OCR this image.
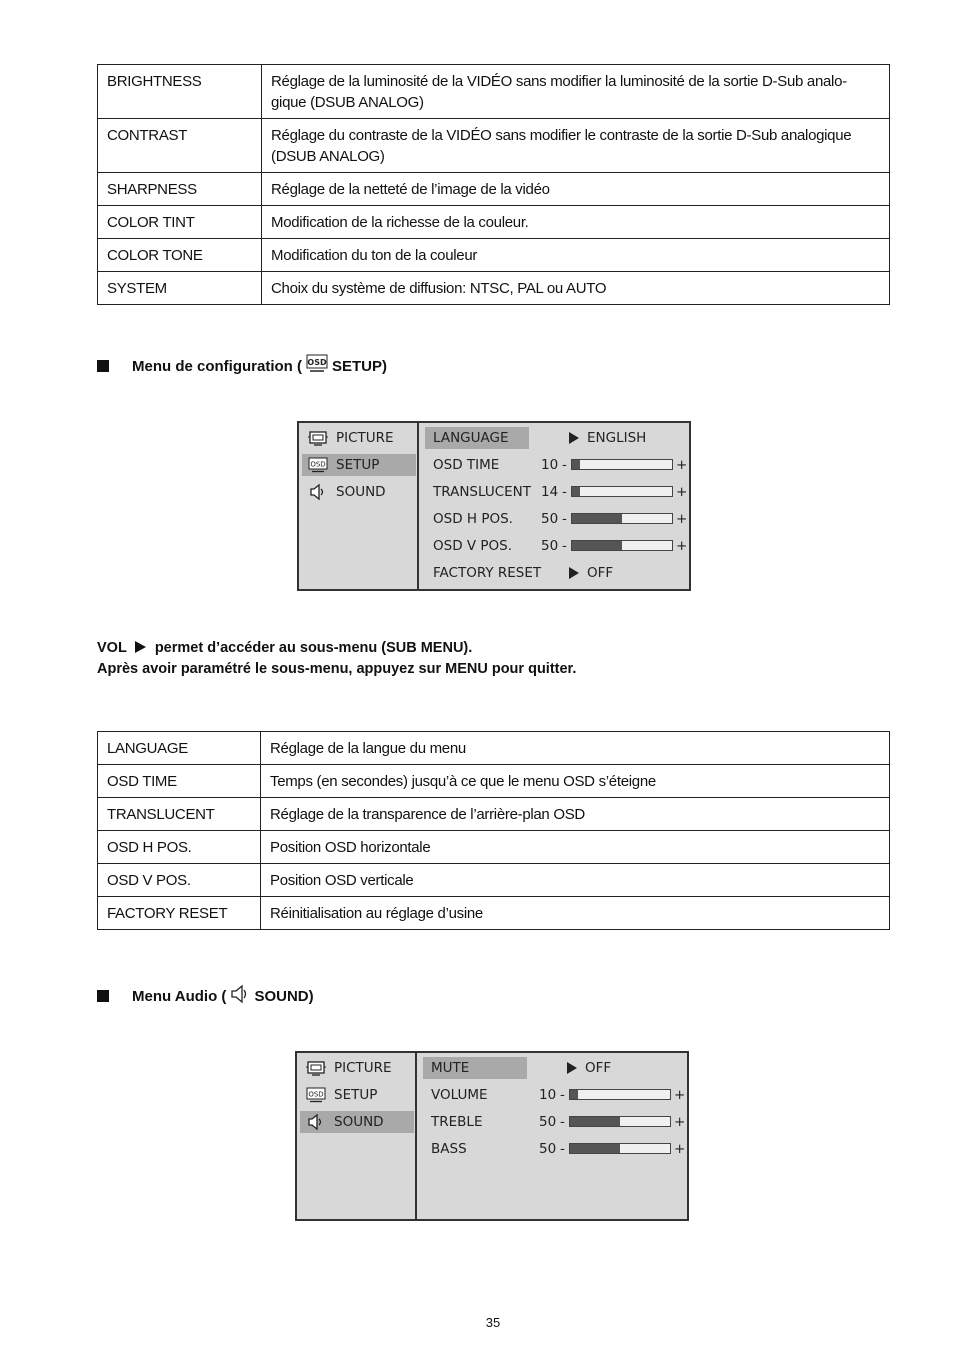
BRIGHTNESS	Réglage de la luminosité de la VIDÉO sans modifier la luminosité de la sortie D-Sub analo-gique (DSUB ANALOG)
CONTRAST	Réglage du contraste de la VIDÉO sans modifier le contraste de la sortie D-Sub analogique (DSUB ANALOG)
SHARPNESS	Réglage de la netteté de l’image de la vidéo
COLOR TINT	Modification de la richesse de la couleur.
COLOR TONE	Modification du ton de la couleur
SYSTEM	Choix du système de diffusion: NTSC, PAL ou AUTO
Menu de configuration ( OSD SETUP)
PICTURE
OSD SETUP
SOUND
LANGUAGE	ENGLISH
OSD TIME	10 -	+
TRANSLUCENT 14 -	+
OSD H POS. 50 -	+
OSD V POS. 50 -	+
FACTORY RESET	OFF
VOL permet d’accéder au sous-menu (SUB MENU).
Après avoir paramétré le sous-menu, appuyez sur MENU pour quitter.
LANGUAGE	Réglage de la langue du menu
OSD TIME	Temps (en secondes) jusqu’à ce que le menu OSD s’éteigne
TRANSLUCENT	Réglage de la transparence de l’arrière-plan OSD
OSD H POS.	Position OSD horizontale
OSD V POS.	Position OSD verticale
FACTORY RESET	Réinitialisation au réglage d’usine
Menu Audio ( SOUND)
PICTURE
OSD SETUP
SOUND
MUTE	OFF
VOLUME	10 -	+
TREBLE	50 -	+
BASS	50 -	+
35
